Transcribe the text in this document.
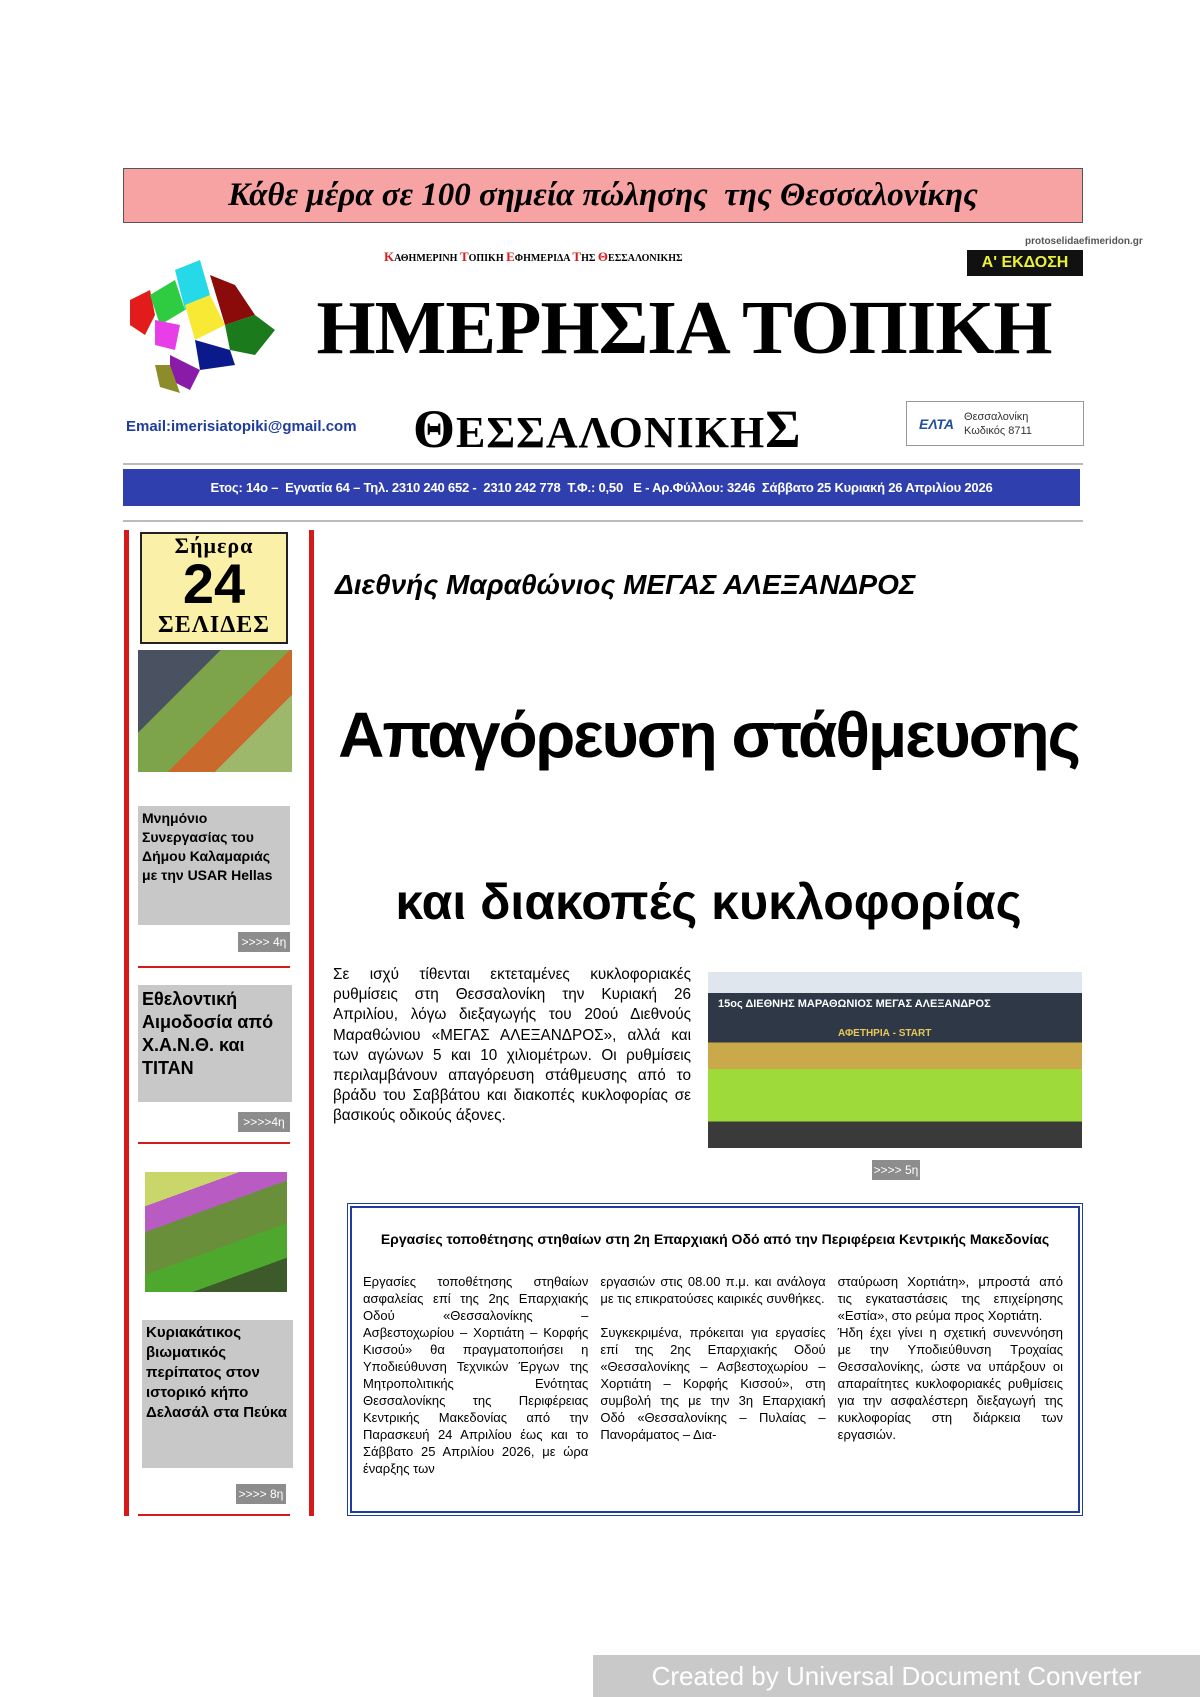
Κάθε μέρα σε 100 σημεία πώλησης  της Θεσσαλονίκης
ΚΑΘΗΜΕΡΙΝΗ ΤΟΠΙΚΗ ΕΦΗΜΕΡΙΔΑ ΤΗΣ ΘΕΣΣΑΛΟΝΙΚΗΣ
ΗΜΕΡΗΣΙΑ ΤΟΠΙΚΗ
Α' ΕΚΔΟΣΗ
protoselidaefimeridon.gr
Email:imerisiatopiki@gmail.com	ΘΕΣΣΑΛΟΝΙΚΗΣ	ΕΛΤΑ Θεσσαλονίκη
Κωδικός 8711
Ετος: 14ο –  Εγνατία 64 – Τηλ. 2310 240 652 -  2310 242 778  Τ.Φ.: 0,50   Ε - Αρ.Φύλλου: 3246  Σάββατο 25 Κυριακή 26 Απριλίου 2026
Σήμερα
24
ΣΕΛΙΔΕΣ
Μνημόνιο Συνεργασίας του Δήμου Καλαμαριάς με την USAR Hellas
>>>> 4η
Εθελοντική Αιμοδοσία από Χ.Α.Ν.Θ. και TITAN
>>>>4η
Κυριακάτικος βιωματικός περίπατος στον ιστορικό κήπο Δελασάλ στα Πεύκα
>>>> 8η
Διεθνής Μαραθώνιος ΜΕΓΑΣ ΑΛΕΞΑΝΔΡΟΣ
Απαγόρευση στάθμευσης
και διακοπές κυκλοφορίας

Σε ισχύ τίθενται εκτεταμένες κυκλοφοριακές ρυθμίσεις στη Θεσσαλονίκη την Κυριακή 26 Απριλίου, λόγω διεξαγωγής του 20ού Διεθνούς Μαραθώνιου «ΜΕΓΑΣ ΑΛΕΞΑΝΔΡΟΣ», αλλά και των αγώνων 5 και 10 χιλιομέτρων. Οι ρυθμίσεις περιλαμβάνουν απαγόρευση στάθμευσης από το βράδυ του Σαββάτου και διακοπές κυκλοφορίας σε βασικούς οδικούς άξονες.

15ος ΔΙΕΘΝΗΣ ΜΑΡΑΘΩΝΙΟΣ ΜΕΓΑΣ ΑΛΕΞΑΝΔΡΟΣ
ΑΦΕΤΗΡΙΑ - START
>>>> 5η
Εργασίες τοποθέτησης στηθαίων στη 2η Επαρχιακή Οδό από την Περιφέρεια Κεντρικής Μακεδονίας

Εργασίες τοποθέτησης στηθαίων ασφαλείας επί της 2ης Επαρχιακής Οδού «Θεσσαλονίκης – Ασβεστοχωρίου – Χορτιάτη – Κορφής Κισσού» θα πραγματοποιήσει η Υποδιεύθυνση Τεχνικών Έργων της Μητροπολιτικής Ενότητας Θεσσαλονίκης της Περιφέρειας Κεντρικής Μακεδονίας από την Παρασκευή 24 Απριλίου έως και το Σάββατο 25 Απριλίου 2026, με ώρα έναρξης των

εργασιών στις 08.00 π.μ. και ανάλογα με τις επικρατούσες καιρικές συνθήκες.

Συγκεκριμένα, πρόκειται για εργασίες επί της 2ης Επαρχιακής Οδού «Θεσσαλονίκης – Ασβεστοχωρίου – Χορτιάτη – Κορφής Κισσού», στη συμβολή της με την 3η Επαρχιακή Οδό «Θεσσαλονίκης – Πυλαίας – Πανοράματος – Δια-

σταύρωση Χορτιάτη», μπροστά από τις εγκαταστάσεις της επιχείρησης «Εστία», στο ρεύμα προς Χορτιάτη.

Ήδη έχει γίνει η σχετική συνεννόηση με την Υποδιεύθυνση Τροχαίας Θεσσαλονίκης, ώστε να υπάρξουν οι απαραίτητες κυκλοφοριακές ρυθμίσεις για την ασφαλέστερη διεξαγωγή της κυκλοφορίας στη διάρκεια των εργασιών.

Created by Universal Document Converter
